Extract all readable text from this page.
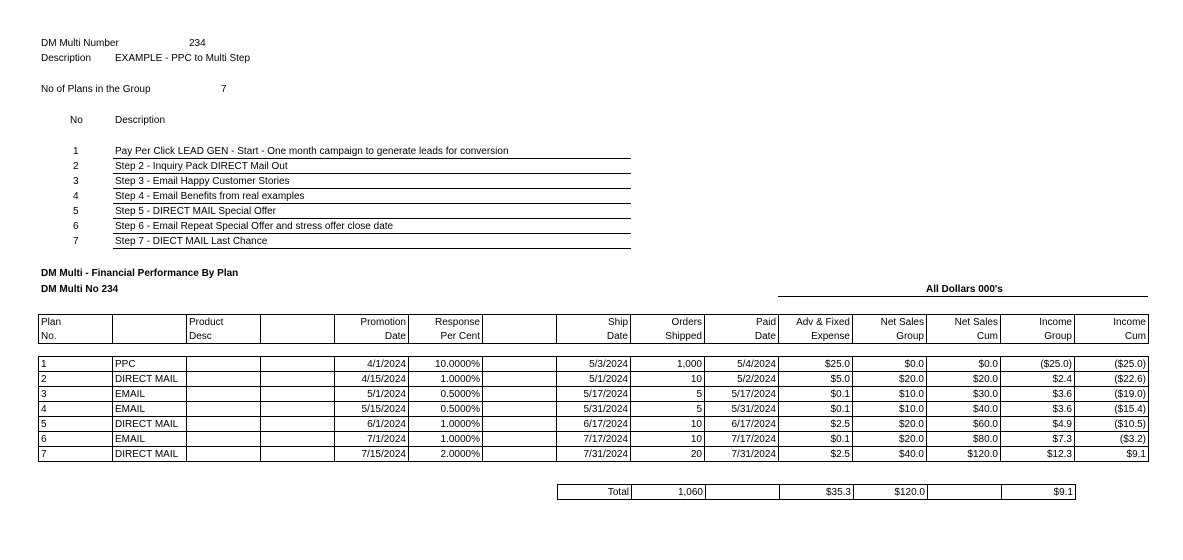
DM Multi Number	234
Description EXAMPLE - PPC to Multi Step
No of Plans in the Group	7
No	Description
1	Pay Per Click LEAD GEN - Start - One month campaign to generate leads for conversion
2	Step 2 - Inquiry Pack DIRECT Mail Out
3	Step 3 - Email Happy Customer Stories
4	Step 4 - Email Benefits from real examples
5	Step 5 - DIRECT MAIL Special Offer
6	Step 6 - Email Repeat Special Offer and stress offer close date
7	Step 7 - DIECT MAIL Last Chance
DM Multi - Financial Performance By Plan
DM Multi No 234	All Dollars 000's
Plan		Product		Promotion	Response		Ship	Orders	Paid	Adv & Fixed	Net Sales	Net Sales	Income	Income
No.		Desc		Date	Per Cent		Date	Shipped	Date	Expense	Group	Cum	Group	Cum

1	PPC			4/1/2024	10.0000%		5/3/2024	1,000	5/4/2024	$25.0	$0.0	$0.0	($25.0)	($25.0)
2	DIRECT MAIL			4/15/2024	1.0000%		5/1/2024	10	5/2/2024	$5.0	$20.0	$20.0	$2.4	($22.6)
3	EMAIL			5/1/2024	0.5000%		5/17/2024	5	5/17/2024	$0.1	$10.0	$30.0	$3.6	($19.0)
4	EMAIL			5/15/2024	0.5000%		5/31/2024	5	5/31/2024	$0.1	$10.0	$40.0	$3.6	($15.4)
5	DIRECT MAIL			6/1/2024	1.0000%		6/17/2024	10	6/17/2024	$2.5	$20.0	$60.0	$4.9	($10.5)
6	EMAIL			7/1/2024	1.0000%		7/17/2024	10	7/17/2024	$0.1	$20.0	$80.0	$7.3	($3.2)
7	DIRECT MAIL			7/15/2024	2.0000%		7/31/2024	20	7/31/2024	$2.5	$40.0	$120.0	$12.3	$9.1
Total	1,060		$35.3	$120.0		$9.1
